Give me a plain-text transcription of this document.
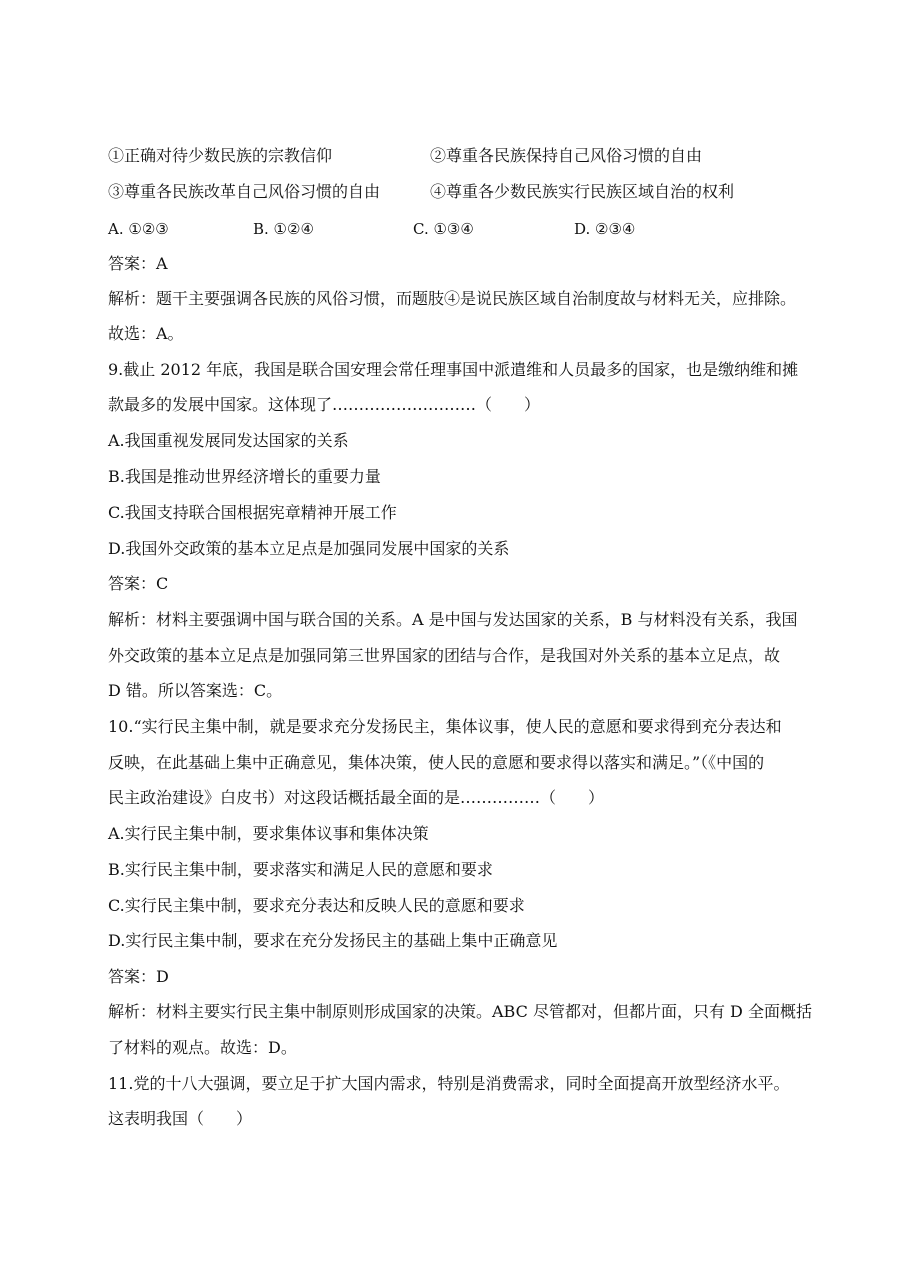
①正确对待少数民族的宗教信仰	②尊重各民族保持自己风俗习惯的自由
③尊重各民族改革自己风俗习惯的自由	④尊重各少数民族实行民族区域自治的权利
A. ①②③	B. ①②④	C. ①③④	D. ②③④
答案：A
解析：题干主要强调各民族的风俗习惯，而题肢④是说民族区域自治制度故与材料无关，应排除。
故选：A。
9.截止 2012 年底，我国是联合国安理会常任理事国中派遣维和人员最多的国家，也是缴纳维和摊
款最多的发展中国家。这体现了………………………（　　）
A.我国重视发展同发达国家的关系
B.我国是推动世界经济增长的重要力量
C.我国支持联合国根据宪章精神开展工作
D.我国外交政策的基本立足点是加强同发展中国家的关系
答案：C
解析：材料主要强调中国与联合国的关系。A 是中国与发达国家的关系，B 与材料没有关系，我国
外交政策的基本立足点是加强同第三世界国家的团结与合作，是我国对外关系的基本立足点，故
D 错。所以答案选：C。
10.“实行民主集中制，就是要求充分发扬民主，集体议事，使人民的意愿和要求得到充分表达和
反映，在此基础上集中正确意见，集体决策，使人民的意愿和要求得以落实和满足。”（《中国的
民主政治建设》白皮书）对这段话概括最全面的是……………（　　）
A.实行民主集中制，要求集体议事和集体决策
B.实行民主集中制，要求落实和满足人民的意愿和要求
C.实行民主集中制，要求充分表达和反映人民的意愿和要求
D.实行民主集中制，要求在充分发扬民主的基础上集中正确意见
答案：D
解析：材料主要实行民主集中制原则形成国家的决策。ABC 尽管都对，但都片面，只有 D 全面概括
了材料的观点。故选：D。
11.党的十八大强调，要立足于扩大国内需求，特别是消费需求，同时全面提高开放型经济水平。
这表明我国（　　）
